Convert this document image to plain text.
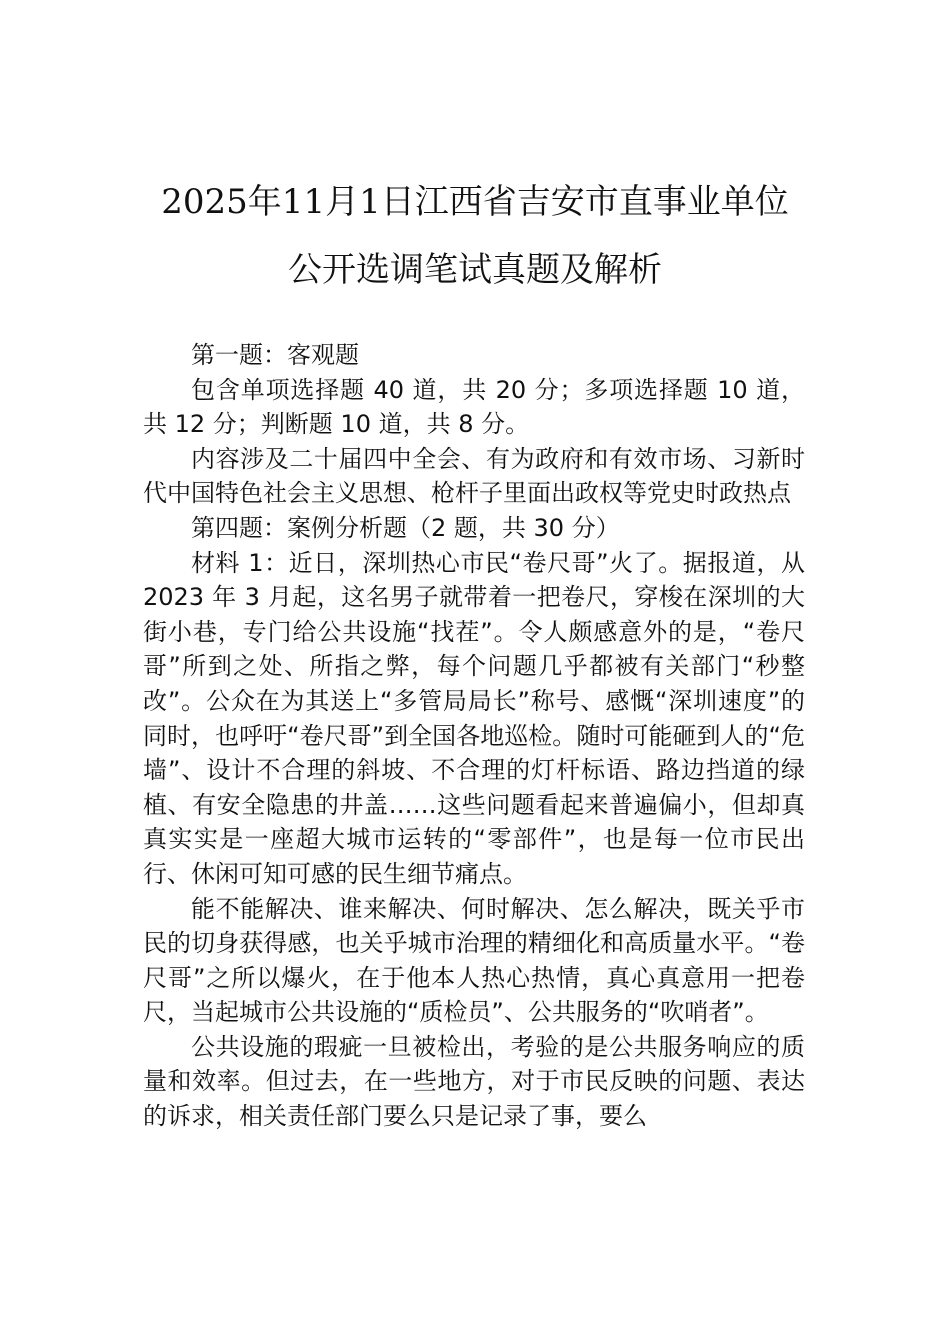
2025年11月1日江西省吉安市直事业单位
公开选调笔试真题及解析

第一题：客观题

包含单项选择题 40 道，共 20 分；多项选择题 10 道，共 12 分；判断题 10 道，共 8 分。

内容涉及二十届四中全会、有为政府和有效市场、习新时代中国特色社会主义思想、枪杆子里面出政权等党史时政热点

第四题：案例分析题（2 题，共 30 分）

材料 1：近日，深圳热心市民“卷尺哥”火了。据报道，从 2023 年 3 月起，这名男子就带着一把卷尺，穿梭在深圳的大街小巷，专门给公共设施“找茬”。令人颇感意外的是，“卷尺哥”所到之处、所指之弊，每个问题几乎都被有关部门“秒整改”。公众在为其送上“多管局局长”称号、感慨“深圳速度”的同时，也呼吁“卷尺哥”到全国各地巡检。随时可能砸到人的“危墙”、设计不合理的斜坡、不合理的灯杆标语、路边挡道的绿植、有安全隐患的井盖……这些问题看起来普遍偏小，但却真真实实是一座超大城市运转的“零部件”，也是每一位市民出行、休闲可知可感的民生细节痛点。

能不能解决、谁来解决、何时解决、怎么解决，既关乎市民的切身获得感，也关乎城市治理的精细化和高质量水平。“卷尺哥”之所以爆火，在于他本人热心热情，真心真意用一把卷尺，当起城市公共设施的“质检员”、公共服务的“吹哨者”。

公共设施的瑕疵一旦被检出，考验的是公共服务响应的质量和效率。但过去，在一些地方，对于市民反映的问题、表达的诉求，相关责任部门要么只是记录了事，要么
